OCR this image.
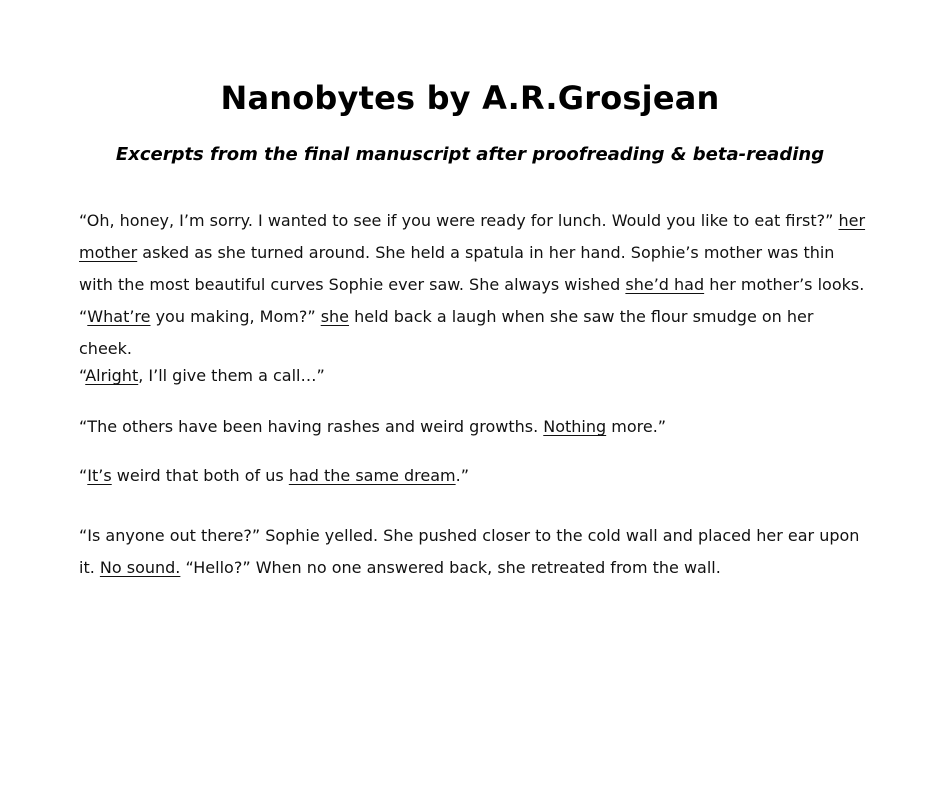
Nanobytes by A.R.Grosjean
Excerpts from the final manuscript after proofreading & beta-reading
“Oh, honey, I’m sorry. I wanted to see if you were ready for lunch. Would you like to eat first?” her mother asked as she turned around. She held a spatula in her hand. Sophie’s mother was thin with the most beautiful curves Sophie ever saw. She always wished she’d had her mother’s looks.
“What’re you making, Mom?” she held back a laugh when she saw the flour smudge on her cheek.

“Alright, I’ll give them a call…”

“The others have been having rashes and weird growths. Nothing more.”

“It’s weird that both of us had the same dream.”

“Is anyone out there?” Sophie yelled. She pushed closer to the cold wall and placed her ear upon it. No sound. “Hello?” When no one answered back, she retreated from the wall.
